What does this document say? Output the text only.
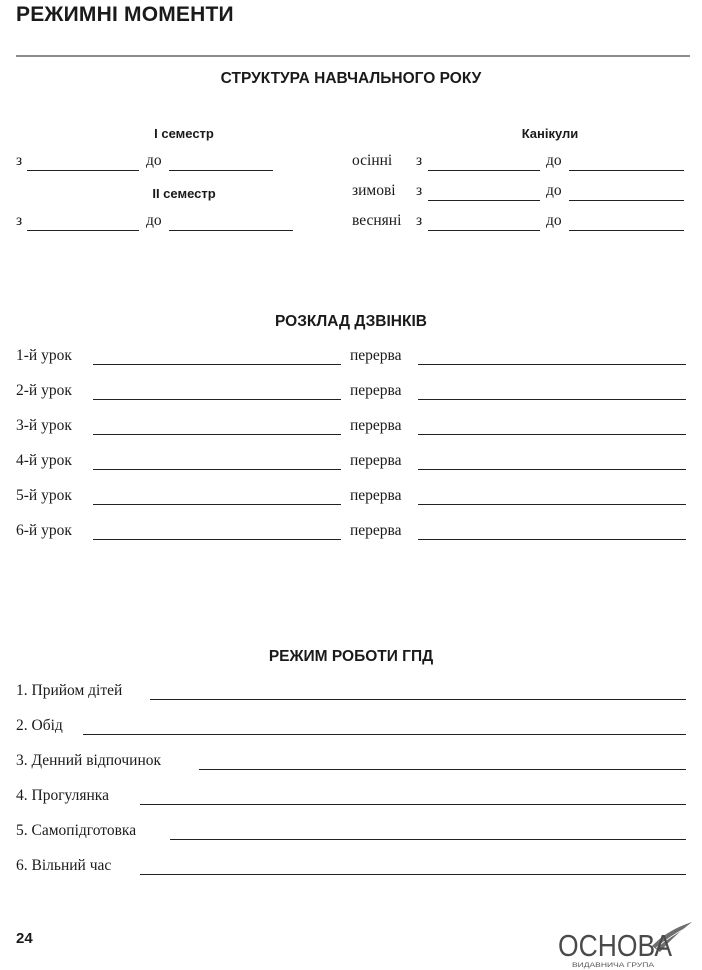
РЕЖИМНІ МОМЕНТИ
СТРУКТУРА НАВЧАЛЬНОГО РОКУ
І семестр
з	до
ІІ семестр
з	до
Канікули
осінні з	до
зимові з	до
весняні з	до
РОЗКЛАД ДЗВІНКІВ
1-й урок	перерва
2-й урок	перерва
3-й урок	перерва
4-й урок	перерва
5-й урок	перерва
6-й урок	перерва
РЕЖИМ РОБОТИ ГПД
1. Прийом дітей
2. Обід
3. Денний відпочинок
4. Прогулянка
5. Самопідготовка
6. Вільний час
24	ОСНОВА
ВИДАВНИЧА ГРУПА
